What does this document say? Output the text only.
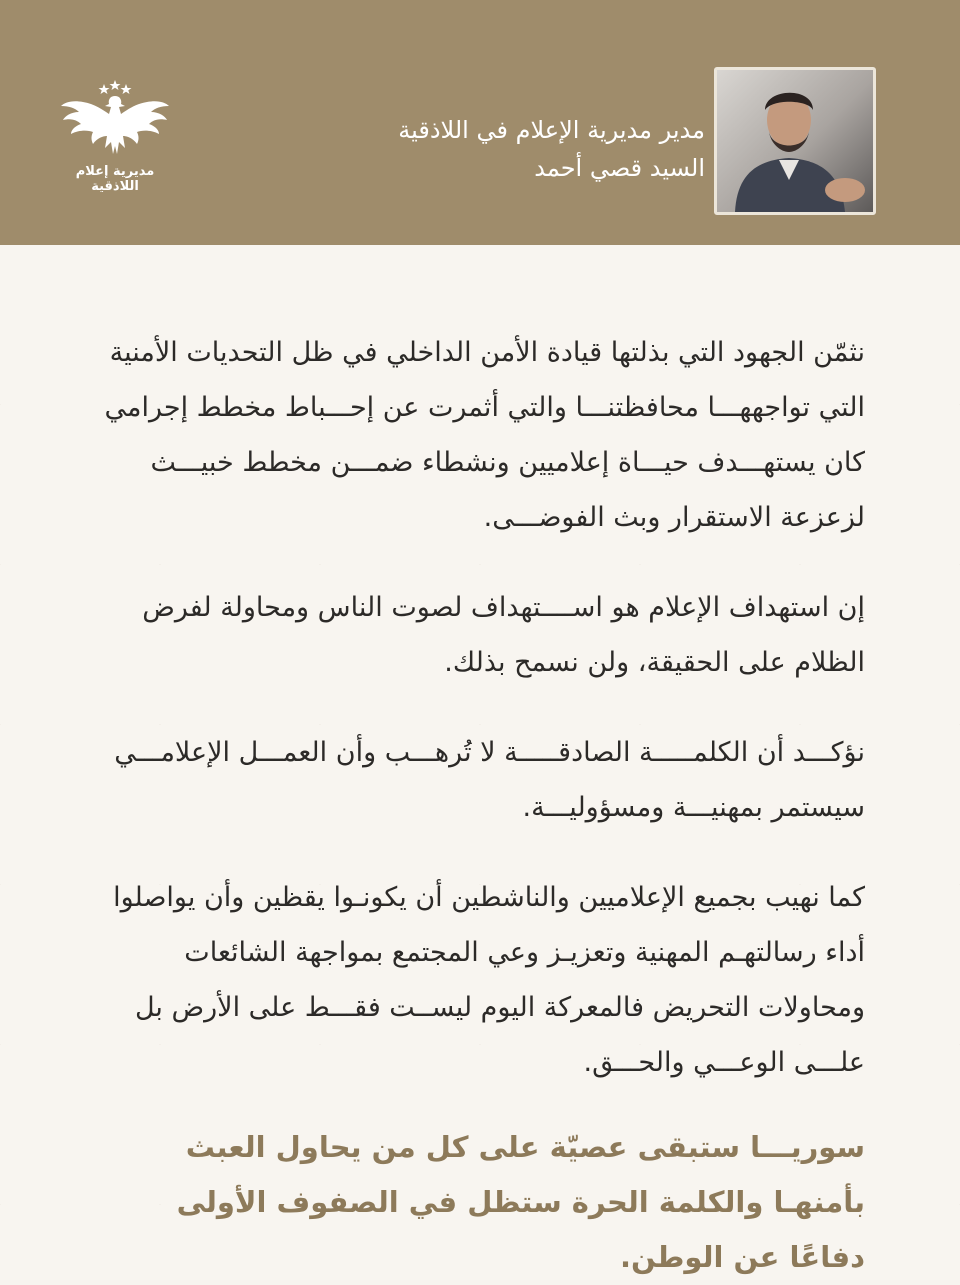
مديرية إعلام اللاذقية
مدير مديرية الإعلام في اللاذقية
السيد قصي أحمد

نثمّن الجهود التي بذلتها قيادة الأمن الداخلي في ظل التحديات الأمنية التي تواجههـــا محافظتنـــا والتي أثمرت عن إحـــباط مخطط إجرامي كان يستهـــدف حيـــاة إعلاميين ونشطاء ضمـــن مخطط خبيـــث لزعزعة الاستقرار وبث الفوضـــى.

إن استهداف الإعلام هو اســــتهداف لصوت الناس ومحاولة لفرض الظلام على الحقيقة، ولن نسمح بذلك.

نؤكـــد أن الكلمـــــة الصادقـــــة لا تُرهـــب وأن العمـــل الإعلامـــي سيستمر بمهنيـــة ومسؤوليـــة.

كما نهيب بجميع الإعلاميين والناشطين أن يكونـوا يقظين وأن يواصلوا أداء رسالتهـم المهنية وتعزيـز وعي المجتمع بمواجهة الشائعات ومحاولات التحريض فالمعركة اليوم ليســت فقـــط على الأرض بل علـــى الوعـــي والحـــق.

سوريـــا ستبقى عصيّة على كل من يحاول العبث بأمنهـا والكلمة الحرة ستظل في الصفوف الأولى دفاعًا عن الوطن.
